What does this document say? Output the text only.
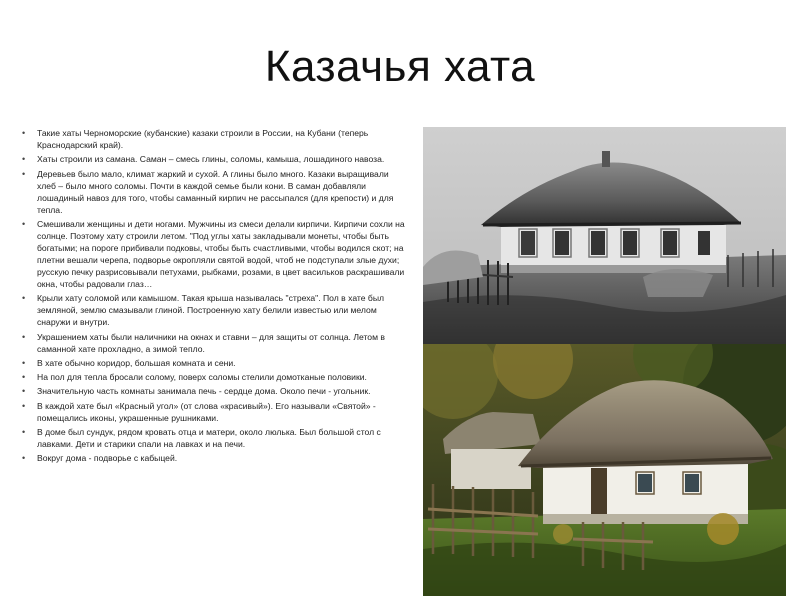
Казачья хата
• Такие хаты Черноморские (кубанские) казаки строили в России, на Кубани (теперь Краснодарский край).
• Хаты строили из самана. Саман – смесь глины, соломы, камыша, лошадиного навоза.
• Деревьев было мало, климат жаркий и сухой. А глины было много. Казаки выращивали хлеб – было много соломы. Почти в каждой семье были кони. В саман добавляли лошадиный навоз для того, чтобы саманный кирпич не рассыпался (для крепости) и для тепла.
• Смешивали женщины и дети ногами. Мужчины из смеси делали кирпичи. Кирпичи сохли на солнце. Поэтому хату строили летом. "Под углы хаты закладывали монеты, чтобы быть богатыми; на пороге прибивали подковы, чтобы быть счастливыми, чтобы водился скот; на плетни вешали черепа, подворье окропляли святой водой, чтоб не подступали злые духи; русскую печку разрисовывали петухами, рыбками, розами, в цвет васильков раскрашивали окна, чтобы радовали глаз…
• Крыли хату соломой или камышом. Такая крыша называлась "стреха". Пол в хате был земляной, землю смазывали глиной. Построенную хату белили известью или мелом снаружи и внутри.
• Украшением хаты были наличники на окнах и ставни – для защиты от солнца. Летом в саманной хате прохладно, а зимой тепло.
• В хате обычно коридор, большая комната и сени.
• На пол для тепла бросали солому, поверх соломы стелили домотканые половики.
• Значительную часть комнаты занимала печь - сердце дома. Около печи - угольник.
• В каждой хате был «Красный угол» (от слова «красивый»). Его называли «Святой» - помещались иконы, украшенные рушниками.
• В доме был сундук, рядом кровать отца и матери, около люлька. Был большой стол с лавками. Дети и старики спали на лавках и на печи.
• Вокруг дома - подворье с кабыцей.
